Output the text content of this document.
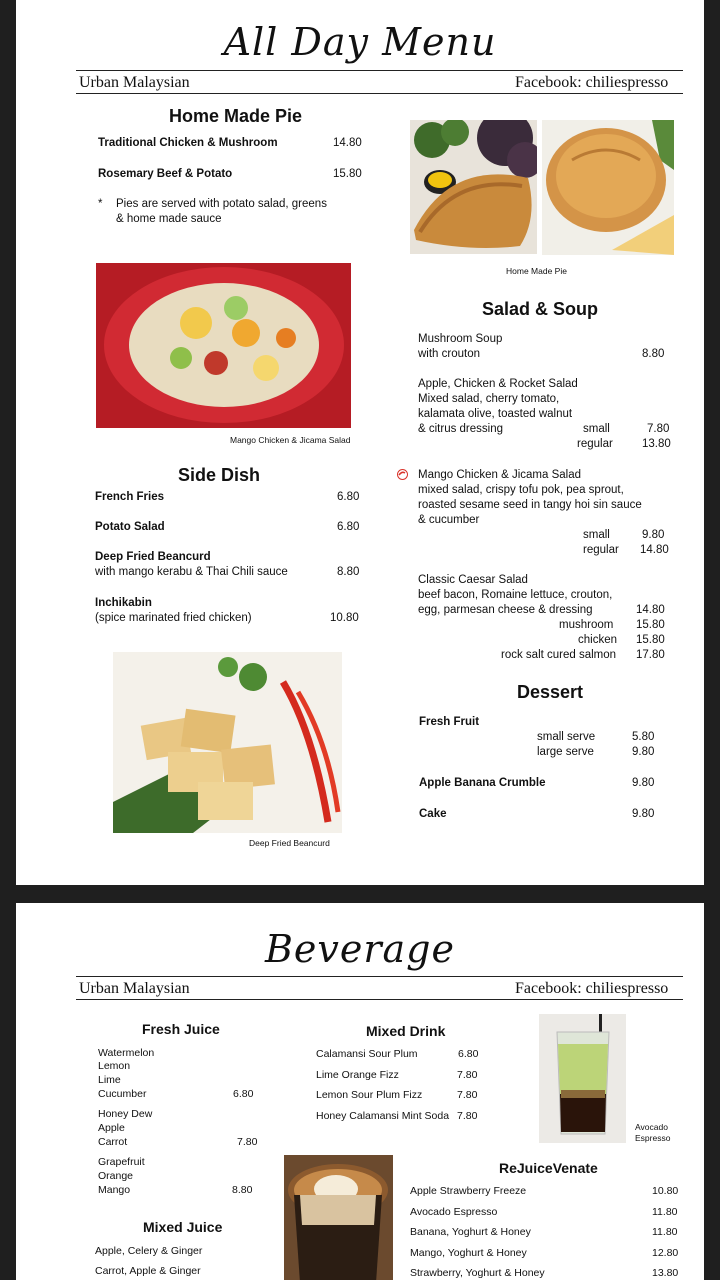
All Day Menu
Urban Malaysian	Facebook: chiliespresso
Home Made Pie
Traditional Chicken & Mushroom	14.80
Rosemary Beef & Potato	15.80
* Pies are served with potato salad, greens
& home made sauce
Home Made Pie
Mango Chicken & Jicama Salad
Salad & Soup
Mushroom Soup
with crouton	8.80
Apple, Chicken & Rocket Salad
Mixed salad, cherry tomato,
kalamata olive, toasted walnut
& citrus dressing	small	7.80
regular	13.80
Mango Chicken & Jicama Salad
mixed salad, crispy tofu pok, pea sprout,
roasted sesame seed in tangy hoi sin sauce
& cucumber
small	9.80
regular 14.80
Classic Caesar Salad
beef bacon, Romaine lettuce, crouton,
egg, parmesan cheese & dressing	14.80
mushroom 15.80
chicken 15.80
rock salt cured salmon 17.80
Side Dish
French Fries	6.80
Potato Salad	6.80
Deep Fried Beancurd
with mango kerabu & Thai Chili sauce	8.80
Inchikabin
(spice marinated fried chicken)	10.80
Deep Fried Beancurd
Dessert
Fresh Fruit
small serve	5.80
large serve	9.80
Apple Banana Crumble	9.80
Cake	9.80
Beverage
Urban Malaysian	Facebook: chiliespresso
Fresh Juice
Watermelon
Lemon
Lime
Cucumber	6.80
Honey Dew
Apple
Carrot	7.80
Grapefruit
Orange
Mango	8.80
Mixed Juice
Apple, Celery & Ginger
Carrot, Apple & Ginger
Mixed Drink
Calamansi Sour Plum	6.80
Lime Orange Fizz	7.80
Lemon Sour Plum Fizz	7.80
Honey Calamansi Mint Soda 7.80
Avocado
Espresso
ReJuiceVenate
Apple Strawberry Freeze	10.80
Avocado Espresso	11.80
Banana, Yoghurt & Honey	11.80
Mango, Yoghurt & Honey	12.80
Strawberry, Yoghurt & Honey	13.80
